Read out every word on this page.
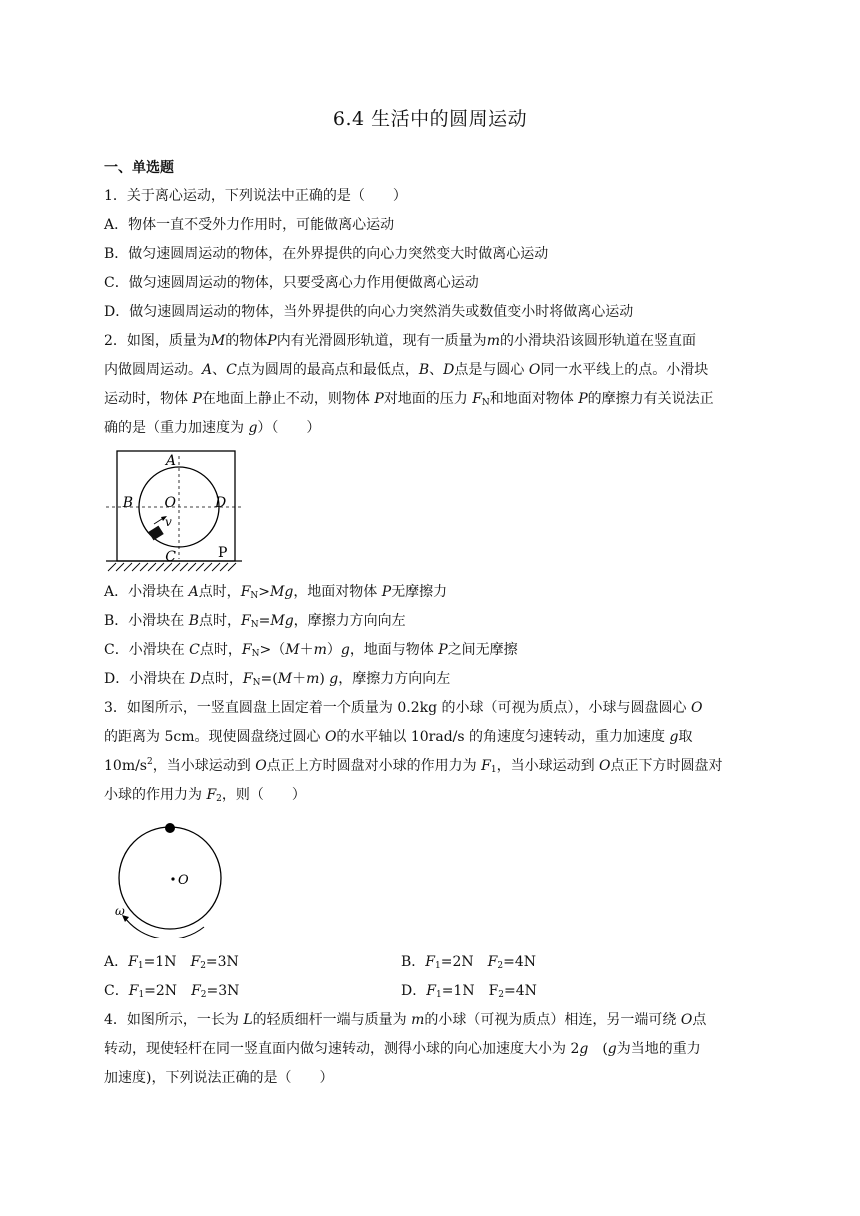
6.4 生活中的圆周运动
一、单选题
1．关于离心运动，下列说法中正确的是（　　）
A．物体一直不受外力作用时，可能做离心运动
B．做匀速圆周运动的物体，在外界提供的向心力突然变大时做离心运动
C．做匀速圆周运动的物体，只要受离心力作用便做离心运动
D．做匀速圆周运动的物体，当外界提供的向心力突然消失或数值变小时将做离心运动
2．如图，质量为M的物体P内有光滑圆形轨道，现有一质量为m的小滑块沿该圆形轨道在竖直面
内做圆周运动。A、C点为圆周的最高点和最低点，B、D点是与圆心 O同一水平线上的点。小滑块
运动时，物体 P在地面上静止不动，则物体 P对地面的压力 $F_N$和地面对物体 P的摩擦力有关说法正
确的是（重力加速度为 g）（　　）
A
B O	D
v
C	P
A．小滑块在 A点时，$F_N>Mg$，地面对物体 P无摩擦力
B．小滑块在 B点时，$F_N=Mg$，摩擦力方向向左
C．小滑块在 C点时，$F_N>(M+m)g$，地面与物体 P之间无摩擦
D．小滑块在 D点时，$F_N=(M+m)$ g，摩擦力方向向左
3．如图所示，一竖直圆盘上固定着一个质量为 0.2kg 的小球（可视为质点），小球与圆盘圆心 O
的距离为 5cm。现使圆盘绕过圆心 O的水平轴以 10rad/s 的角速度匀速转动，重力加速度 g取
$10m/s^2$，当小球运动到 O点正上方时圆盘对小球的作用力为 $F_1$，当小球运动到 O点正下方时圆盘对
小球的作用力为 $F_2$，则（　　）
O
ω
A．$F_1=1N$　$F_2=3N$	B．$F_1=2N$　$F_2=4N$
C．$F_1=2N$　$F_2=3N$	D．$F_1=1N$　$F_2=4N$
4．如图所示，一长为 L的轻质细杆一端与质量为 m的小球（可视为质点）相连，另一端可绕 O点
转动，现使轻杆在同一竖直面内做匀速转动，测得小球的向心加速度大小为 2g　(g为当地的重力
加速度)，下列说法正确的是（　　）
